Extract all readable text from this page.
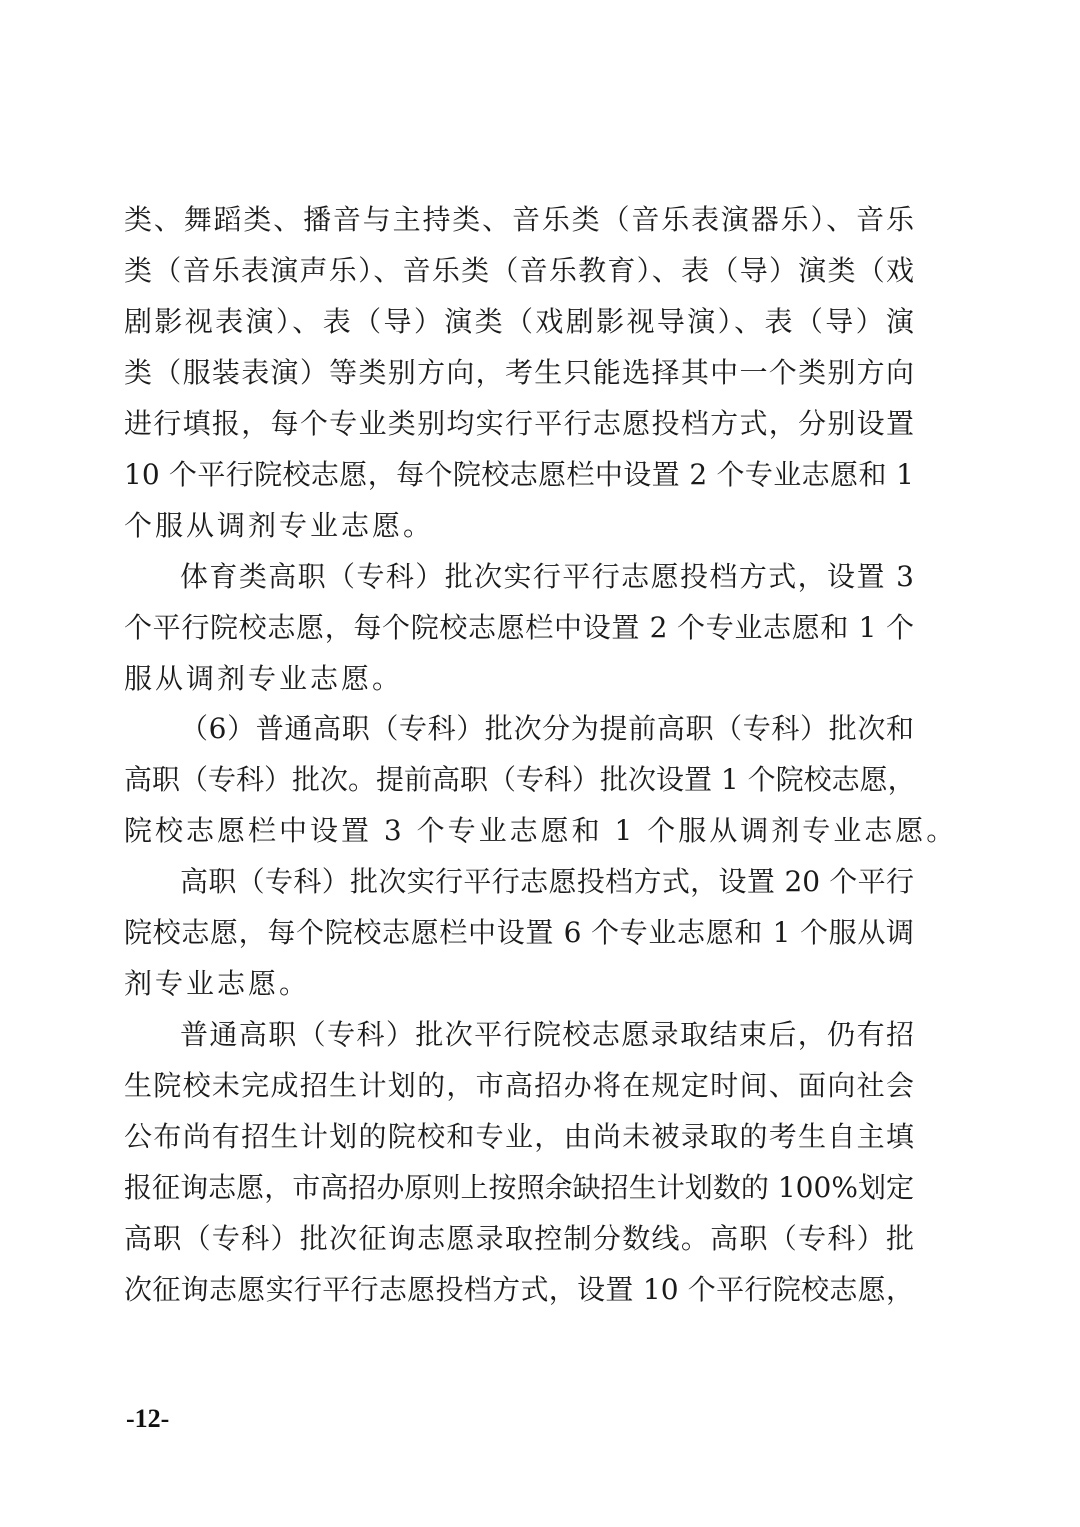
类、舞蹈类、播音与主持类、音乐类（音乐表演器乐）、音乐
类（音乐表演声乐）、音乐类（音乐教育）、表（导）演类（戏
剧影视表演）、表（导）演类（戏剧影视导演）、表（导）演
类（服装表演）等类别方向，考生只能选择其中一个类别方向
进行填报，每个专业类别均实行平行志愿投档方式，分别设置
10 个平行院校志愿，每个院校志愿栏中设置 2 个专业志愿和 1
个服从调剂专业志愿。
体育类高职（专科）批次实行平行志愿投档方式，设置 3
个平行院校志愿，每个院校志愿栏中设置 2 个专业志愿和 1 个
服从调剂专业志愿。
（6）普通高职（专科）批次分为提前高职（专科）批次和
高职（专科）批次。提前高职（专科）批次设置 1 个院校志愿，
院校志愿栏中设置 3 个专业志愿和 1 个服从调剂专业志愿。
高职（专科）批次实行平行志愿投档方式，设置 20 个平行
院校志愿，每个院校志愿栏中设置 6 个专业志愿和 1 个服从调
剂专业志愿。
普通高职（专科）批次平行院校志愿录取结束后，仍有招
生院校未完成招生计划的，市高招办将在规定时间、面向社会
公布尚有招生计划的院校和专业，由尚未被录取的考生自主填
报征询志愿，市高招办原则上按照余缺招生计划数的 100%划定
高职（专科）批次征询志愿录取控制分数线。高职（专科）批
次征询志愿实行平行志愿投档方式，设置 10 个平行院校志愿，
-12-
